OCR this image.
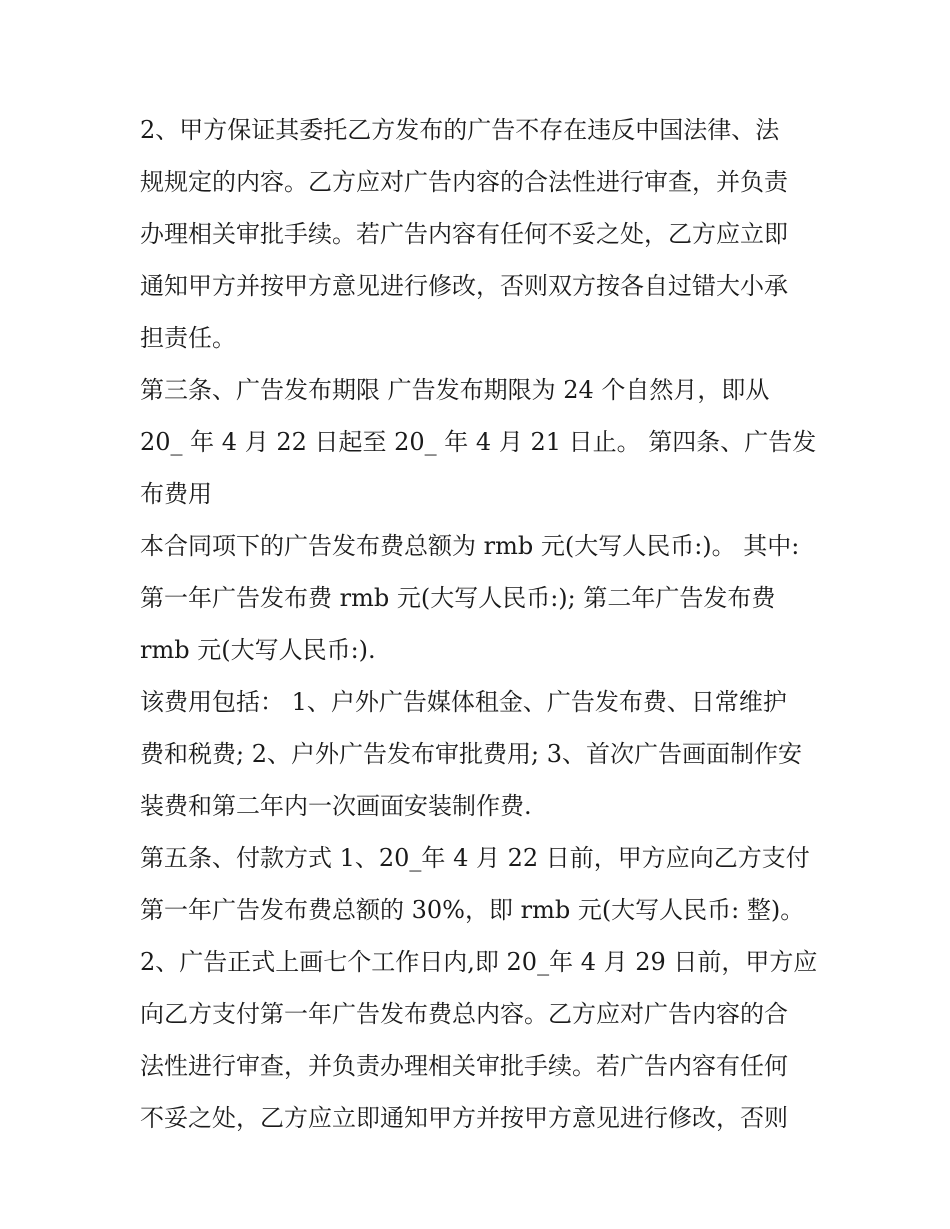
2、甲方保证其委托乙方发布的广告不存在违反中国法律、法
规规定的内容。乙方应对广告内容的合法性进行审查，并负责
办理相关审批手续。若广告内容有任何不妥之处，乙方应立即
通知甲方并按甲方意见进行修改，否则双方按各自过错大小承
担责任。
第三条、广告发布期限 广告发布期限为 24 个自然月，即从
20_ 年 4 月 22 日起至 20_ 年 4 月 21 日止。 第四条、广告发
布费用
本合同项下的广告发布费总额为 rmb 元(大写人民币:)。 其中:
第一年广告发布费 rmb 元(大写人民币:); 第二年广告发布费
rmb 元(大写人民币:).
该费用包括： 1、户外广告媒体租金、广告发布费、日常维护
费和税费; 2、户外广告发布审批费用; 3、首次广告画面制作安
装费和第二年内一次画面安装制作费.
第五条、付款方式 1、20_年 4 月 22 日前，甲方应向乙方支付
第一年广告发布费总额的 30%，即 rmb 元(大写人民币: 整)。
2、广告正式上画七个工作日内,即 20_年 4 月 29 日前，甲方应
向乙方支付第一年广告发布费总内容。乙方应对广告内容的合
法性进行审查，并负责办理相关审批手续。若广告内容有任何
不妥之处，乙方应立即通知甲方并按甲方意见进行修改，否则
